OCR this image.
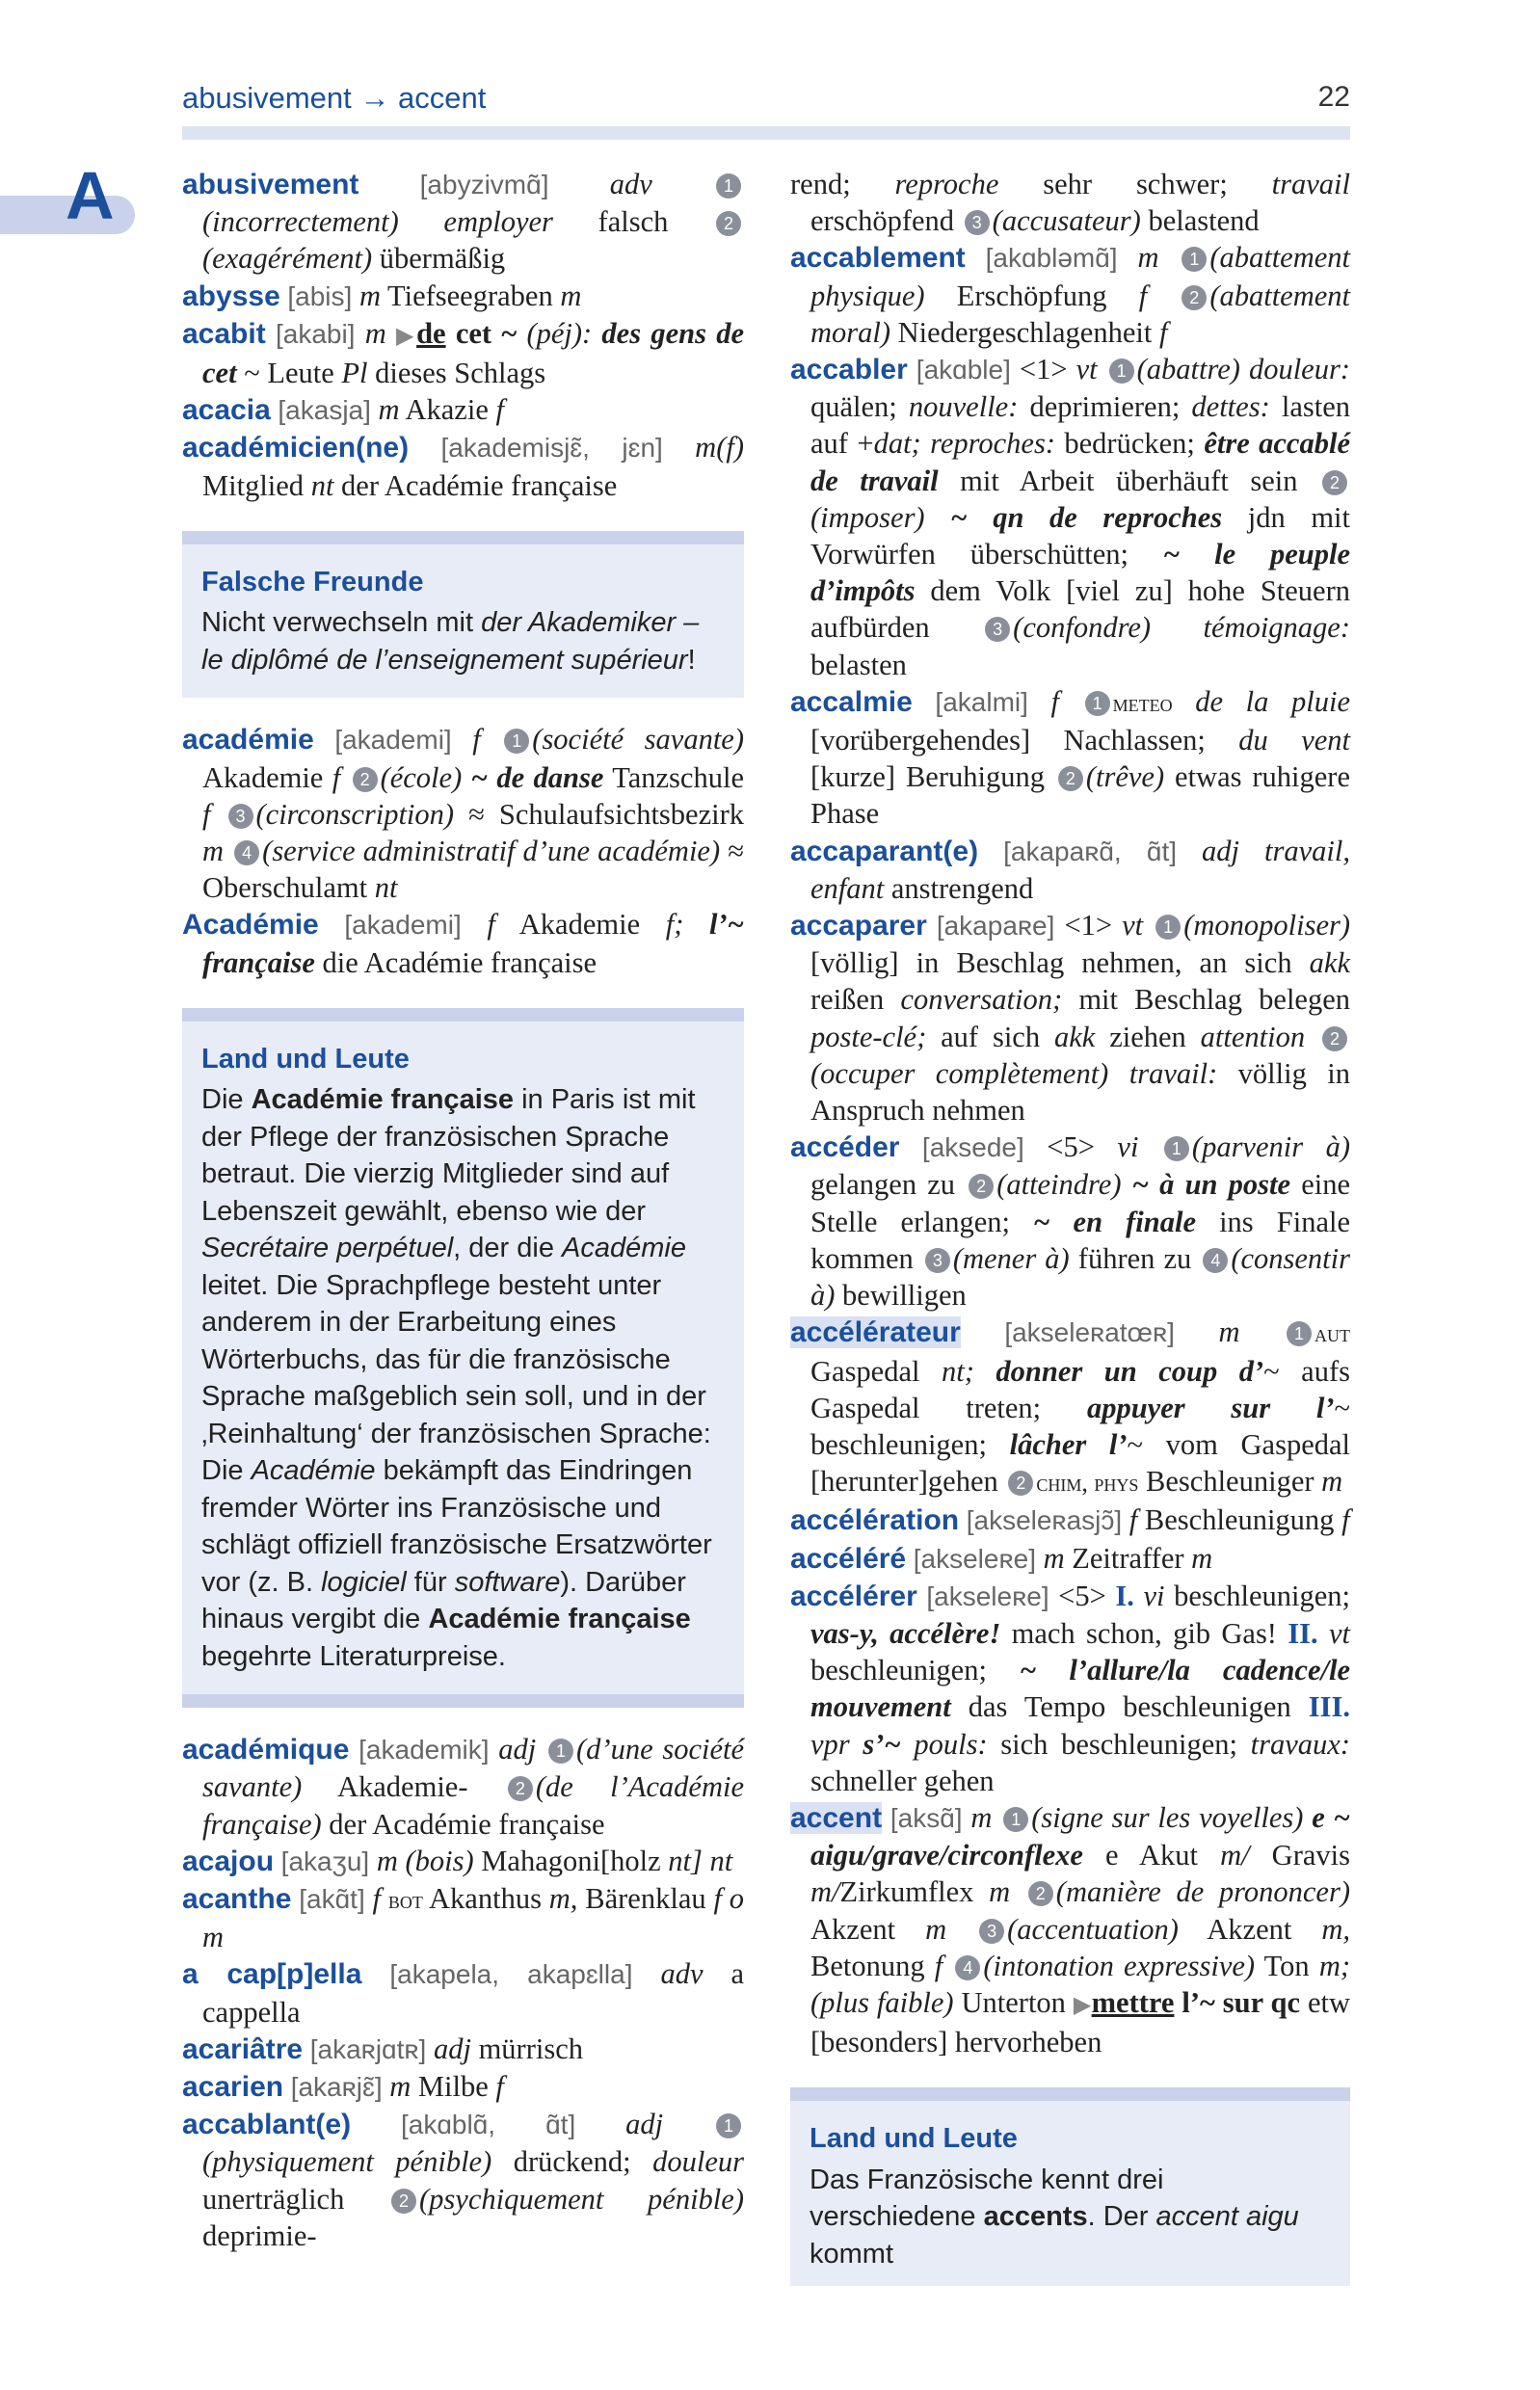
abusivement → accent	22
A abusivement [abyzivmɑ̃] adv 1(incorrectement) employer falsch 2(exagérément) übermäßig

abysse [abis] m Tiefseegraben m

acabit [akabi] m ▶de cet ~ (péj): des gens de cet ~ Leute Pl dieses Schlags

acacia [akasja] m Akazie f

académicien(ne) [akademisjɛ̃, jɛn] m(f) Mitglied nt der Académie française

Falsche Freunde

Nicht verwechseln mit der Akademiker – le diplômé de l’enseignement supérieur!

académie [akademi] f 1 (société savante) Akademie f 2 (école) ~ de danse Tanzschule f 3 (circonscription) ≈ Schulaufsichtsbezirk m 4 (service administratif d’une académie) ≈ Oberschulamt nt

Académie [akademi] f Akademie f; l’~ française die Académie française

Land und Leute

Die Académie française in Paris ist mit der Pflege der französischen Sprache betraut. Die vierzig Mitglieder sind auf Lebenszeit gewählt, ebenso wie der Secrétaire perpétuel, der die Académie leitet. Die Sprachpflege besteht unter anderem in der Erarbeitung eines Wörterbuchs, das für die französische Sprache maßgeblich sein soll, und in der ‚Reinhaltung‘ der französischen Sprache: Die Académie bekämpft das Eindringen fremder Wörter ins Französische und schlägt offiziell französische Ersatzwörter vor (z. B. logiciel für software). Darüber hinaus vergibt die Académie française begehrte Literaturpreise.

académique [akademik] adj 1 (d’une société savante) Akademie- 2 (de l’Académie française) der Académie française

acajou [akaʒu] m (bois) Mahagoni[holz nt] nt

acanthe [akɑ̃t] f bot Akanthus m, Bärenklau f o m

a cap[p]ella [akapela, akapɛlla] adv a cappella

acariâtre [akaʀjɑtʀ] adj mürrisch

acarien [akaʀjɛ̃] m Milbe f

accablant(e) [akɑblɑ̃, ɑ̃t] adj 1(physiquement pénible) drückend; douleur unerträglich 2 (psychiquement pénible) deprimie-

rend; reproche sehr schwer; travail erschöpfend 3 (accusateur) belastend

accablement [akɑbləmɑ̃] m 1 (abattement physique) Erschöpfung f 2 (abattement moral) Niedergeschlagenheit f

accabler [akɑble] <1> vt 1 (abattre) douleur: quälen; nouvelle: deprimieren; dettes: lasten auf +dat; reproches: bedrücken; être accablé de travail mit Arbeit überhäuft sein 2(imposer) ~ qn de reproches jdn mit Vorwürfen überschütten; ~ le peuple d’impôts dem Volk [viel zu] hohe Steuern aufbürden 3 (confondre) témoignage: belasten

accalmie [akalmi] f 1 meteo de la pluie [vorübergehendes] Nachlassen; du vent [kurze] Beruhigung 2 (trêve) etwas ruhigere Phase

accaparant(e) [akapaʀɑ̃, ɑ̃t] adj travail, enfant anstrengend

accaparer [akapaʀe] <1> vt 1 (monopoliser) [völlig] in Beschlag nehmen, an sich akk reißen conversation; mit Beschlag belegen poste-clé; auf sich akk ziehen attention 2(occuper complètement) travail: völlig in Anspruch nehmen

accéder [aksede] <5> vi 1 (parvenir à) gelangen zu 2 (atteindre) ~ à un poste eine Stelle erlangen; ~ en finale ins Finale kommen 3 (mener à) führen zu 4 (consentir à) bewilligen

accélérateur [akseleʀatœʀ] m 1 aut Gaspedal nt; donner un coup d’~ aufs Gaspedal treten; appuyer sur l’~ beschleunigen; lâcher l’~ vom Gaspedal [herunter]gehen 2 chim, phys Beschleuniger m

accélération [akseleʀasjɔ̃] f Beschleunigung f

accéléré [akseleʀe] m Zeitraffer m

accélérer [akseleʀe] <5> I. vi beschleunigen; vas-y, accélère! mach schon, gib Gas! II. vt beschleunigen; ~ l’allure/la cadence/le mouvement das Tempo beschleunigen III. vpr s’~ pouls: sich beschleunigen; travaux: schneller gehen

accent [aksɑ̃] m 1 (signe sur les voyelles) e ~ aigu/grave/circonflexe e Akut m/ Gravis m/Zirkumflex m 2 (manière de prononcer) Akzent m 3 (accentuation) Akzent m, Betonung f 4 (intonation expressive) Ton m; (plus faible) Unterton ▶mettre l’~ sur qc etw [besonders] hervorheben

Land und Leute

Das Französische kennt drei verschiedene accents. Der accent aigu kommt
